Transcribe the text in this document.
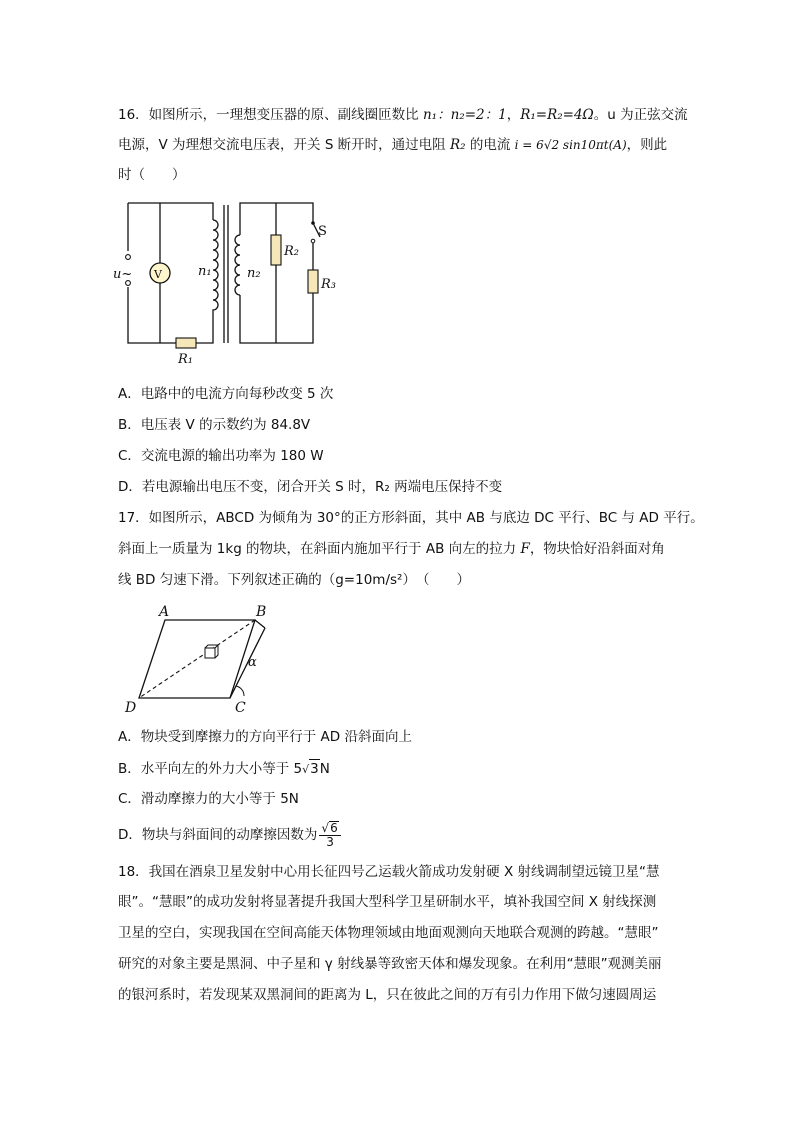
16．如图所示，一理想变压器的原、副线圈匝数比 n₁：n₂=2：1，R₁=R₂=4Ω。u 为正弦交流
电源，V 为理想交流电压表，开关 S 断开时，通过电阻 R₂ 的电流 i = 6√2 sin10πt(A)，则此
时（　　）
u~ V	n₁	n₂
R₁
R₂
R₃
S
A．电路中的电流方向每秒改变 5 次
B．电压表 V 的示数约为 84.8V
C．交流电源的输出功率为 180 W
D．若电源输出电压不变，闭合开关 S 时，R₂ 两端电压保持不变
17．如图所示，ABCD 为倾角为 30°的正方形斜面，其中 AB 与底边 DC 平行、BC 与 AD 平行。
斜面上一质量为 1kg 的物块，在斜面内施加平行于 AB 向左的拉力 F，物块恰好沿斜面对角
线 BD 匀速下滑。下列叙述正确的（g=10m/s²）　（　　）
A	B
C
D
α
A．物块受到摩擦力的方向平行于 AD 沿斜面向上
B．水平向左的外力大小等于 5√3N
C．滑动摩擦力的大小等于 5N
D．物块与斜面间的动摩擦因数为 $\frac{√6}{3}$
18．我国在酒泉卫星发射中心用长征四号乙运载火箭成功发射硬 X 射线调制望远镜卫星“慧
眼”。“慧眼”的成功发射将显著提升我国大型科学卫星研制水平，填补我国空间 X 射线探测
卫星的空白，实现我国在空间高能天体物理领域由地面观测向天地联合观测的跨越。“慧眼”
研究的对象主要是黑洞、中子星和 γ 射线暴等致密天体和爆发现象。在利用“慧眼”观测美丽
的银河系时，若发现某双黑洞间的距离为 L，只在彼此之间的万有引力作用下做匀速圆周运
